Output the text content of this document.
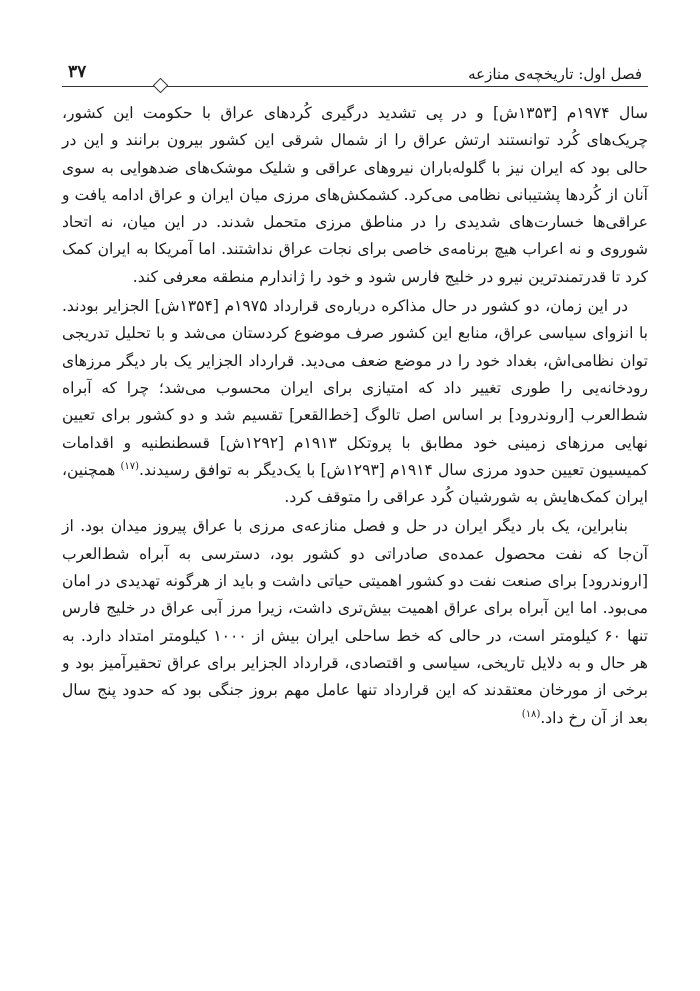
فصل اول: تاریخچه‌ی منازعه
۳۷

سال ۱۹۷۴م [۱۳۵۳ش] و در پی تشدید درگیری کُردهای عراق با حکومت این کشور، چریک‌های کُرد توانستند ارتش عراق را از شمال شرقی این کشور بیرون برانند و این در حالی بود که ایران نیز با گلوله‌باران نیروهای عراقی و شلیک موشک‌های ضدهوایی به سوی آنان از کُردها پشتیبانی نظامی می‌کرد. کشمکش‌های مرزی میان ایران و عراق ادامه یافت و عراقی‌ها خسارت‌های شدیدی را در مناطق مرزی متحمل شدند. در این میان، نه اتحاد شوروی و نه اعراب هیچ برنامه‌ی خاصی برای نجات عراق نداشتند. اما آمریکا به ایران کمک کرد تا قدرتمندترین نیرو در خلیج فارس شود و خود را ژاندارم منطقه معرفی کند.

در این زمان، دو کشور در حال مذاکره درباره‌ی قرارداد ۱۹۷۵م [۱۳۵۴ش] الجزایر بودند. با انزوای سیاسی عراق، منابع این کشور صرف موضوع کردستان می‌شد و با تحلیل تدریجی توان نظامی‌اش، بغداد خود را در موضع ضعف می‌دید. قرارداد الجزایر یک بار دیگر مرزهای رودخانه‌یی را طوری تغییر داد که امتیازی برای ایران محسوب می‌شد؛ چرا که آبراه شط‌العرب [اروندرود] بر اساس اصل تالوگ [خط‌القعر] تقسیم شد و دو کشور برای تعیین نهایی مرزهای زمینی خود مطابق با پروتکل ۱۹۱۳م [۱۲۹۲ش] قسطنطنیه و اقدامات کمیسیون تعیین حدود مرزی سال ۱۹۱۴م [۱۲۹۳ش] با یک‌دیگر به توافق رسیدند.$^{(۱۷)}$ همچنین، ایران کمک‌هایش به شورشیان کُرد عراقی را متوقف کرد.

بنابراین، یک بار دیگر ایران در حل و فصل منازعه‌ی مرزی با عراق پیروز میدان بود. از آن‌جا که نفت محصول عمده‌ی صادراتی دو کشور بود، دسترسی به آبراه شط‌العرب [اروندرود] برای صنعت نفت دو کشور اهمیتی حیاتی داشت و باید از هرگونه تهدیدی در امان می‌بود. اما این آبراه برای عراق اهمیت بیش‌تری داشت، زیرا مرز آبی عراق در خلیج فارس تنها ۶۰ کیلومتر است، در حالی که خط ساحلی ایران بیش از ۱۰۰۰ کیلومتر امتداد دارد. به هر حال و به دلایل تاریخی، سیاسی و اقتصادی، قرارداد الجزایر برای عراق تحقیرآمیز بود و برخی از مورخان معتقدند که این قرارداد تنها عامل مهم بروز جنگی بود که حدود پنج سال بعد از آن رخ داد.$^{(۱۸)}$
